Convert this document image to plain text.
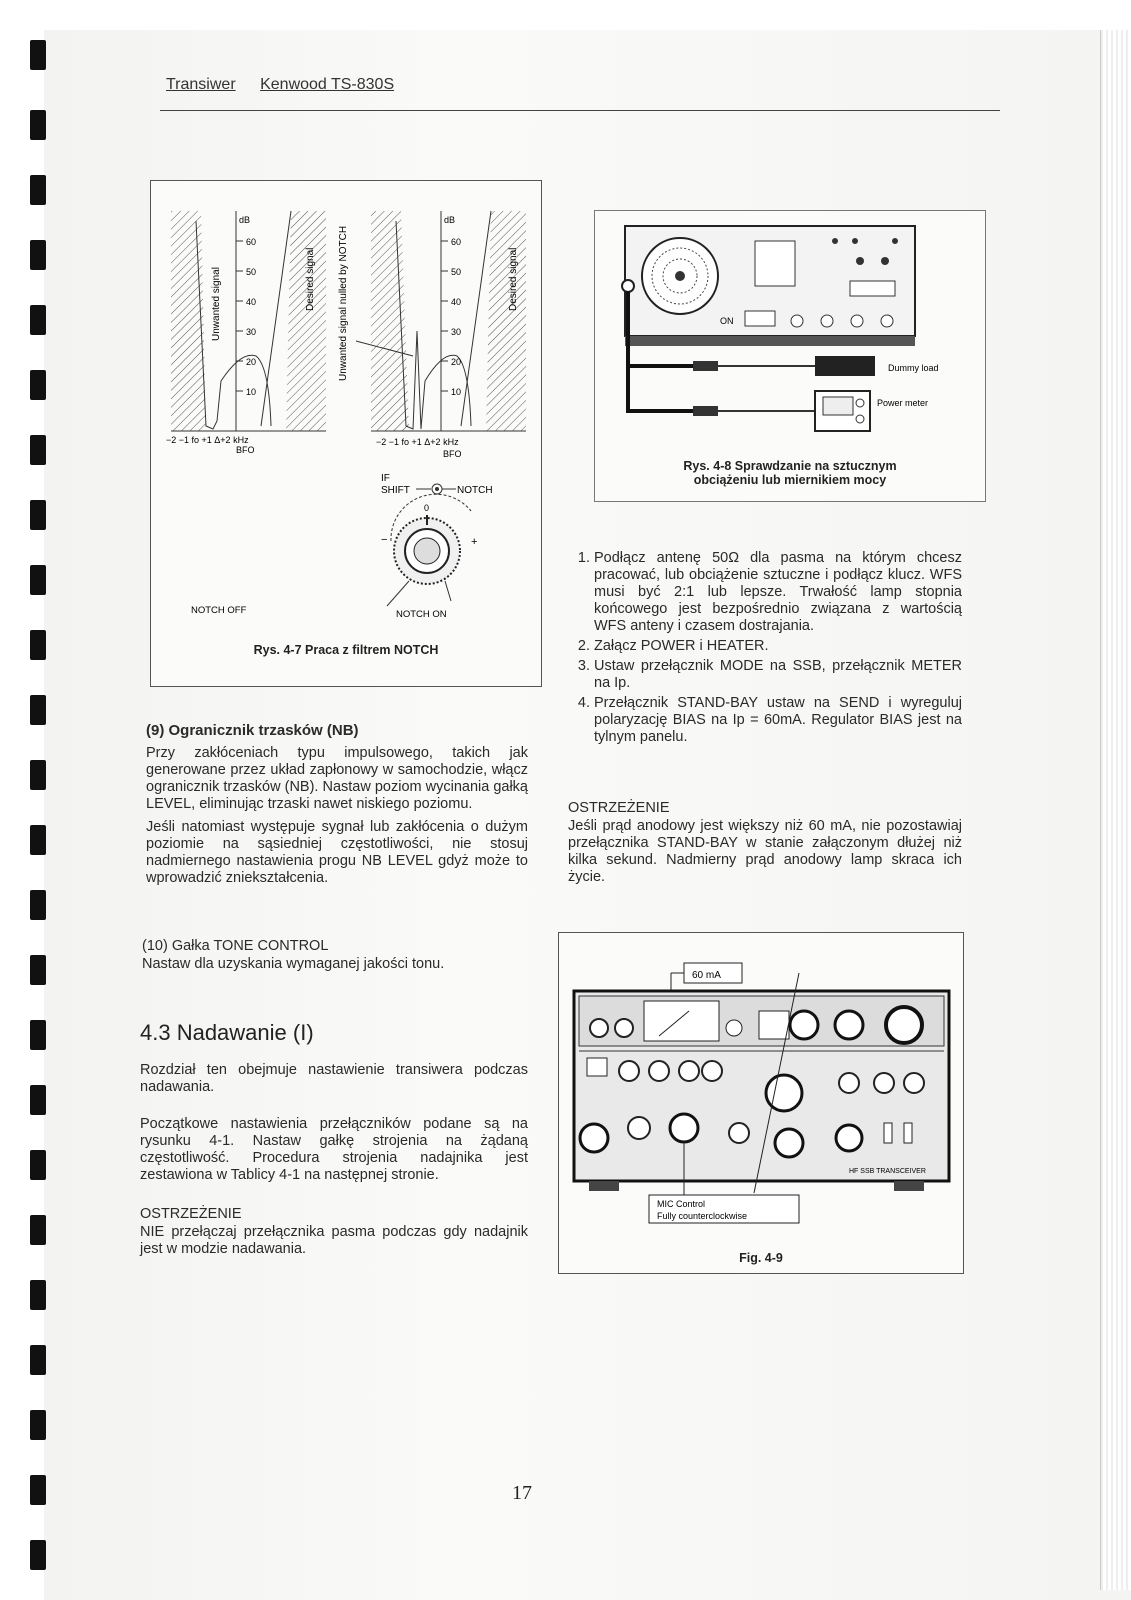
Transiwer Kenwood TS-830S
dB
60
50
40
30
20
10
−2 −1 fo +1 Δ+2 kHz
BFO
Unwanted signal	Desired signal
dB
60
50
40
30
20
10
−2 −1 fo +1 Δ+2 kHz
BFO
Unwanted signal nulled by NOTCH	Desired signal
IF
SHIFT	NOTCH
0
−	+
NOTCH OFF	NOTCH ON
Rys. 4-7 Praca z filtrem NOTCH
ON
Dummy load
Power meter
Rys. 4-8 Sprawdzanie na sztucznym
obciążeniu lub miernikiem mocy

(9) Ogranicznik trzasków (NB)

Przy zakłóceniach typu impulsowego, takich jak generowane przez układ zapłonowy w samochodzie, włącz ogranicznik trzasków (NB). Nastaw poziom wycinania gałką LEVEL, eliminując trzaski nawet niskiego poziomu.

Jeśli natomiast występuje sygnał lub zakłócenia o dużym poziomie na sąsiedniej częstotliwości, nie stosuj nadmiernego nastawienia progu NB LEVEL gdyż może to wprowadzić zniekształcenia.

(10) Gałka TONE CONTROL

Nastaw dla uzyskania wymaganej jakości tonu.

4.3 Nadawanie (I)

Rozdział ten obejmuje nastawienie transiwera podczas nadawania.

Początkowe nastawienia przełączników podane są na rysunku 4-1. Nastaw gałkę strojenia na żądaną częstotliwość. Procedura strojenia nadajnika jest zestawiona w Tablicy 4-1 na następnej stronie.

OSTRZEŻENIE

NIE przełączaj przełącznika pasma podczas gdy nadajnik jest w modzie nadawania.

1. Podłącz antenę 50Ω dla pasma na którym chcesz pracować, lub obciążenie sztuczne i podłącz klucz. WFS musi być 2:1 lub lepsze. Trwałość lamp stopnia końcowego jest bezpośrednio związana z wartością WFS anteny i czasem dostrajania.
2. Załącz POWER i HEATER.
3. Ustaw przełącznik MODE na SSB, przełącznik METER na Ip.
4. Przełącznik STAND-BAY ustaw na SEND i wyreguluj polaryzację BIAS na Ip = 60mA. Regulator BIAS jest na tylnym panelu.

OSTRZEŻENIE

Jeśli prąd anodowy jest większy niż 60 mA, nie pozostawiaj przełącznika STAND-BAY w stanie załączonym dłużej niż kilka sekund. Nadmierny prąd anodowy lamp skraca ich życie.

60 mA
HF SSB TRANSCEIVER
MIC Control
Fully counterclockwise
Fig. 4-9
17
